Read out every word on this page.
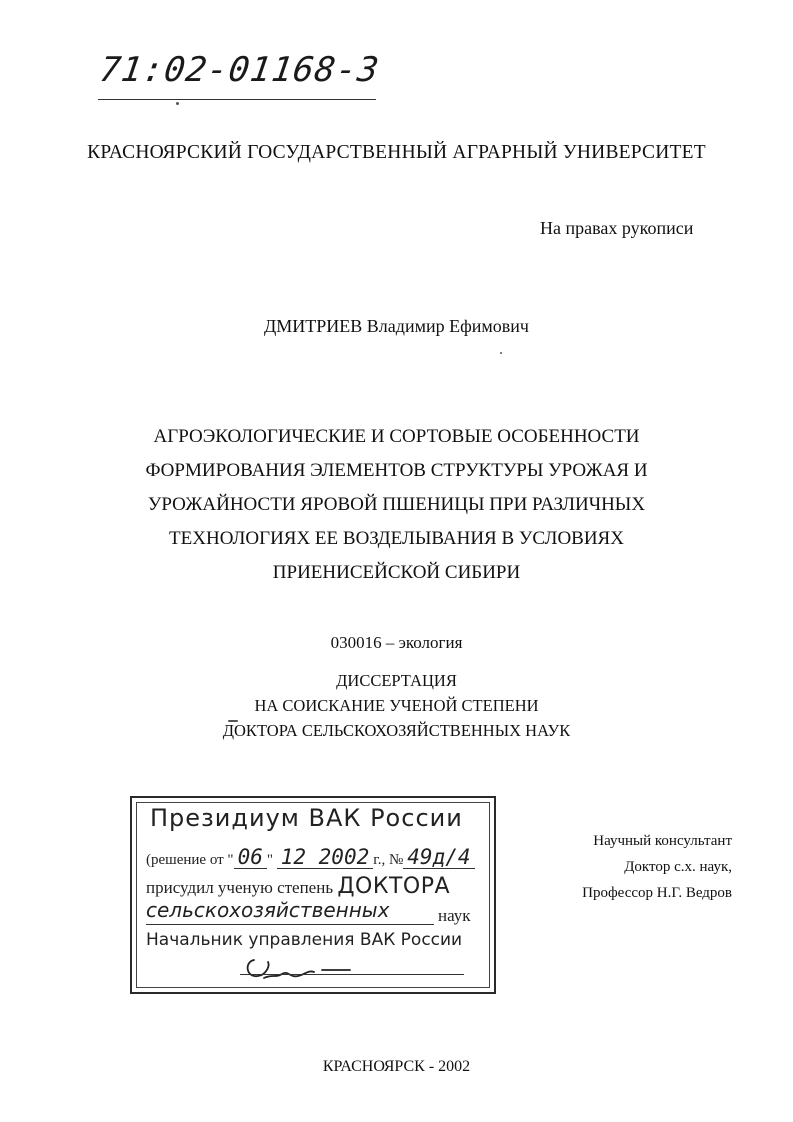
71:02-01168-3
КРАСНОЯРСКИЙ ГОСУДАРСТВЕННЫЙ АГРАРНЫЙ УНИВЕРСИТЕТ
На правах рукописи
ДМИТРИЕВ Владимир Ефимович
АГРОЭКОЛОГИЧЕСКИЕ И СОРТОВЫЕ ОСОБЕННОСТИ
ФОРМИРОВАНИЯ ЭЛЕМЕНТОВ СТРУКТУРЫ УРОЖАЯ И
УРОЖАЙНОСТИ ЯРОВОЙ ПШЕНИЦЫ ПРИ РАЗЛИЧНЫХ
ТЕХНОЛОГИЯХ ЕЕ ВОЗДЕЛЫВАНИЯ В УСЛОВИЯХ
ПРИЕНИСЕЙСКОЙ СИБИРИ
030016 – экология
ДИССЕРТАЦИЯ
НА СОИСКАНИЕ УЧЕНОЙ СТЕПЕНИ
ДОКТОРА СЕЛЬСКОХОЗЯЙСТВЕННЫХ НАУК
Президиум ВАК России
(решение от " 06 " 12 2002 г., № 49д/4
присудил ученую степень ДОКТОРА
сельскохозяйственных	наук
Начальник управления ВАК России
Научный консультант
Доктор с.х. наук,
Профессор Н.Г. Ведров
КРАСНОЯРСК - 2002
